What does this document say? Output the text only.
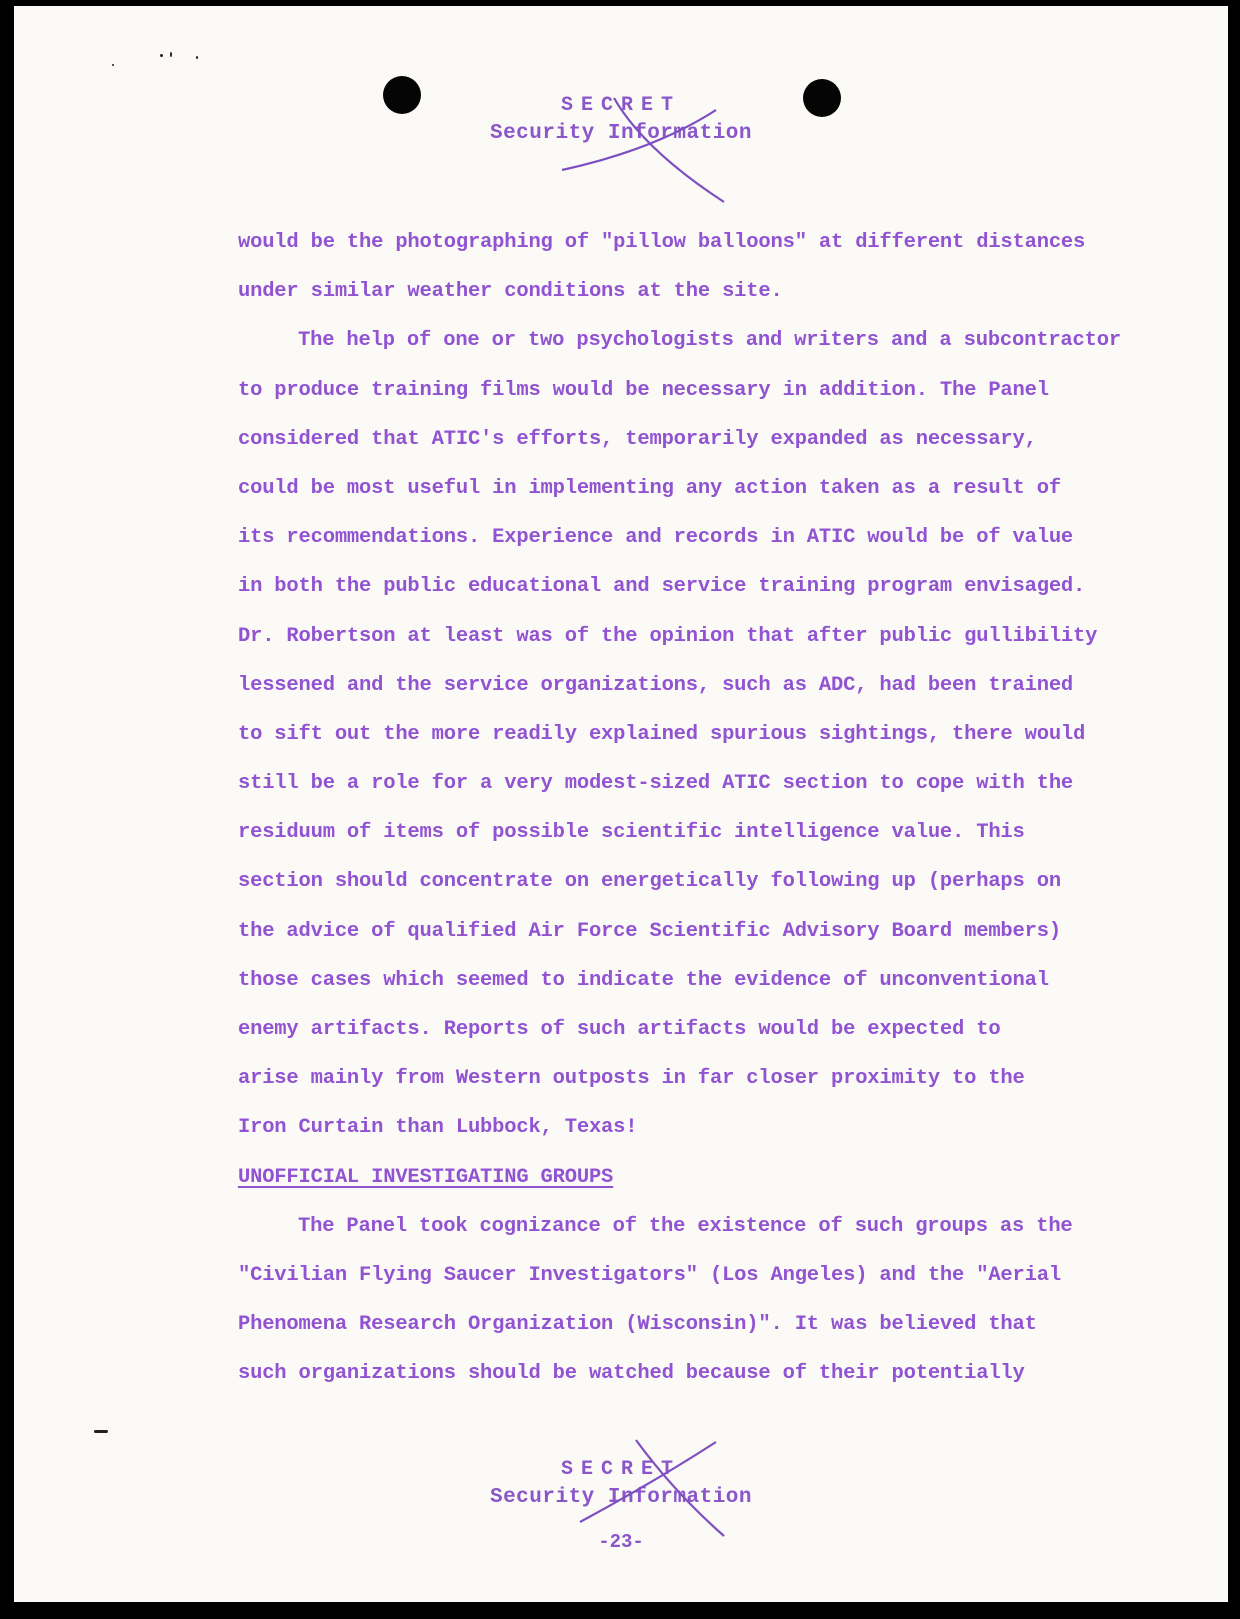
SECRET
Security Information
would be the photographing of "pillow balloons" at different distances
under similar weather conditions at the site.
The help of one or two psychologists and writers and a subcontractor
to produce training films would be necessary in addition. The Panel
considered that ATIC's efforts, temporarily expanded as necessary,
could be most useful in implementing any action taken as a result of
its recommendations. Experience and records in ATIC would be of value
in both the public educational and service training program envisaged.
Dr. Robertson at least was of the opinion that after public gullibility
lessened and the service organizations, such as ADC, had been trained
to sift out the more readily explained spurious sightings, there would
still be a role for a very modest-sized ATIC section to cope with the
residuum of items of possible scientific intelligence value. This
section should concentrate on energetically following up (perhaps on
the advice of qualified Air Force Scientific Advisory Board members)
those cases which seemed to indicate the evidence of unconventional
enemy artifacts. Reports of such artifacts would be expected to
arise mainly from Western outposts in far closer proximity to the
Iron Curtain than Lubbock, Texas!
UNOFFICIAL INVESTIGATING GROUPS
The Panel took cognizance of the existence of such groups as the
"Civilian Flying Saucer Investigators" (Los Angeles) and the "Aerial
Phenomena Research Organization (Wisconsin)". It was believed that
such organizations should be watched because of their potentially
SECRET
Security Information
-23-
